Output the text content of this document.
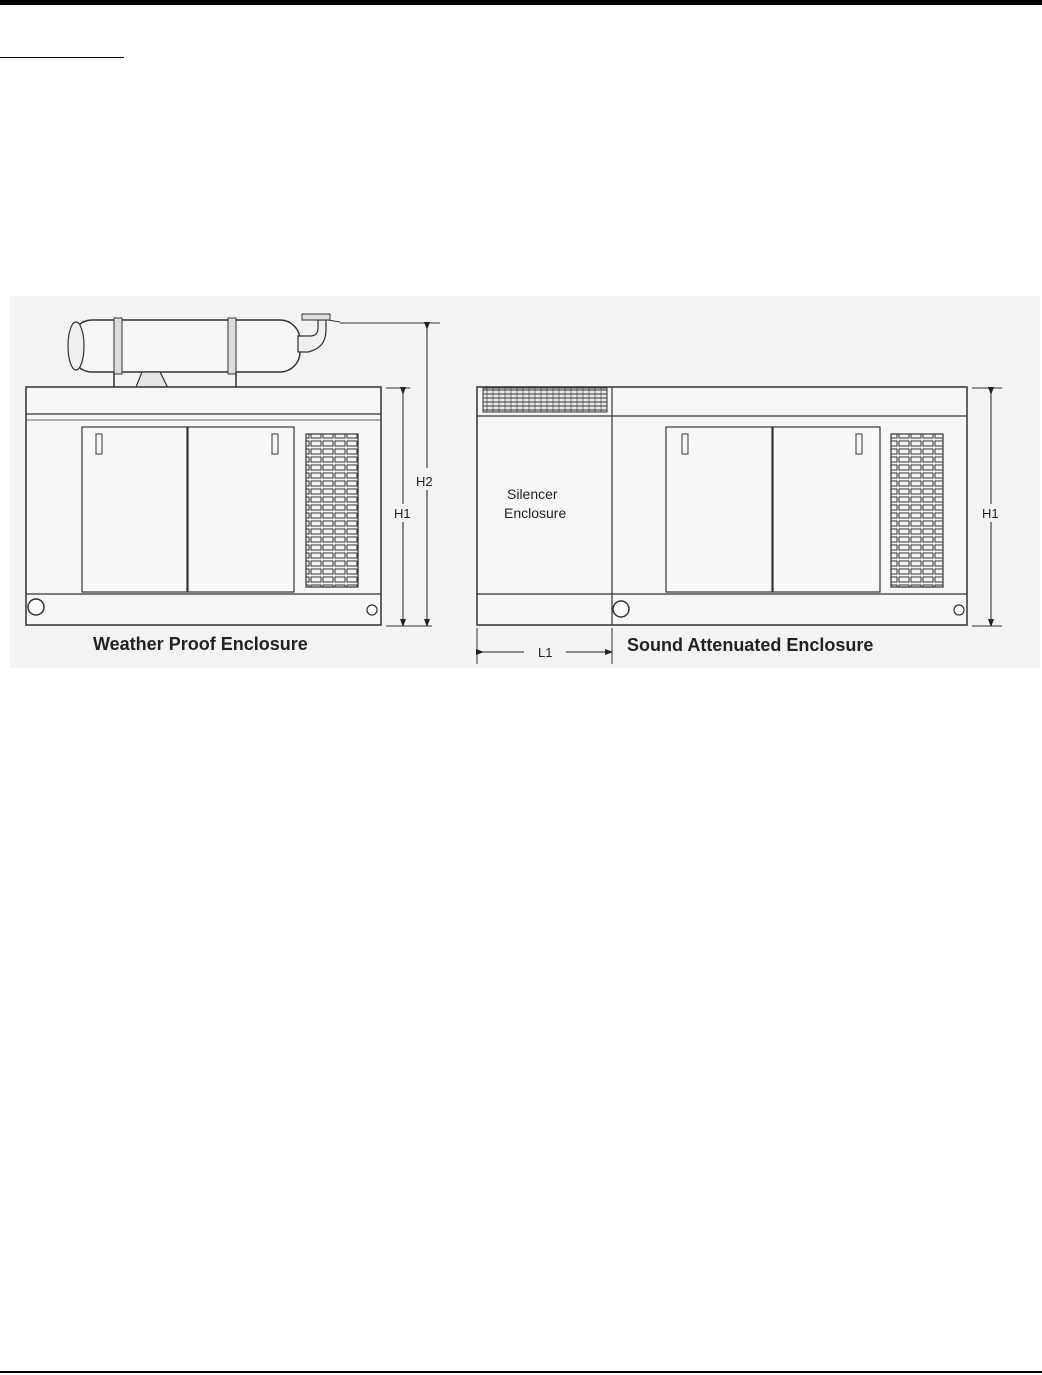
H1
H2
Weather Proof Enclosure
Silencer
Enclosure	H1
L1	Sound Attenuated Enclosure
